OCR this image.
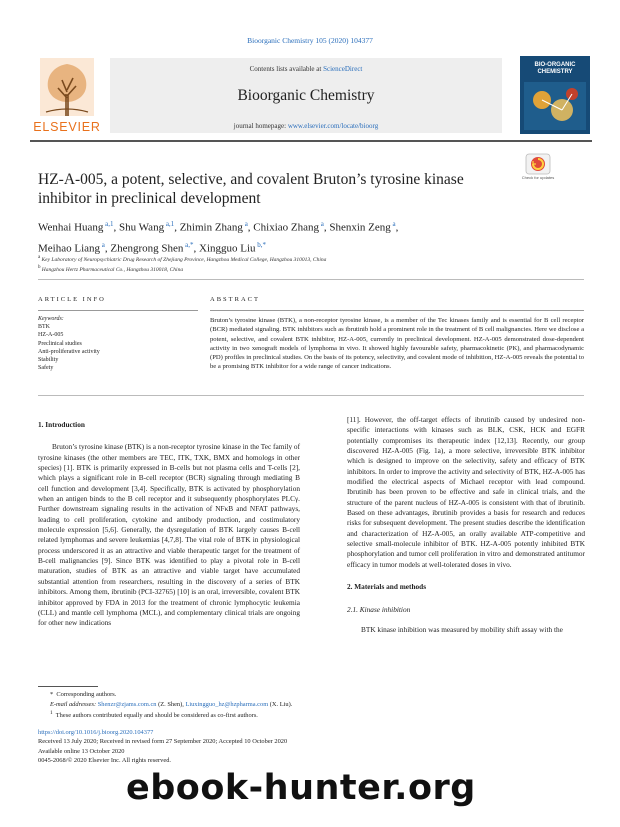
Bioorganic Chemistry 105 (2020) 104377
ELSEVIER
Contents lists available at ScienceDirect
Bioorganic Chemistry
journal homepage: www.elsevier.com/locate/bioorg
BIO-ORGANIC CHEMISTRY
HZ-A-005, a potent, selective, and covalent Bruton’s tyrosine kinase inhibitor in preclinical development
Check for updates
Wenhai Huang $^{a,1}$, Shu Wang $^{a,1}$, Zhimin Zhang $^a$, Chixiao Zhang $^a$, Shenxin Zeng $^a$,
Meihao Liang $^a$, Zhengrong Shen $^{a,*}$, Xingguo Liu $^{b,*}$
$^a$ Key Laboratory of Neuropsychiatric Drug Research of Zhejiang Province, Hangzhou Medical College, Hangzhou 310013, China
$^b$ Hangzhou Hertz Pharmaceutical Co., Hangzhou 310018, China
ARTICLE INFO	ABSTRACT
Keywords:
BTK
HZ-A-005
Preclinical studies
Anti-proliferative activity
Stability
Safety
Bruton’s tyrosine kinase (BTK), a non-receptor tyrosine kinase, is a member of the Tec kinases family and is essential for B cell receptor (BCR) mediated signaling. BTK inhibitors such as ibrutinib hold a prominent role in the treatment of B cell malignancies. Here we disclose a potent, selective, and covalent BTK inhibitor, HZ-A-005, currently in preclinical development. HZ-A-005 demonstrated dose-dependent activity in two xenograft models of lymphoma in vivo. It showed highly favourable safety, pharmacokinetic (PK), and pharmacodynamic (PD) profiles in preclinical studies. On the basis of its potency, selectivity, and covalent mode of inhibition, HZ-A-005 reveals the potential to be a promising BTK inhibitor for a wide range of cancer indications.
1. Introduction

Bruton’s tyrosine kinase (BTK) is a non-receptor tyrosine kinase in the Tec family of tyrosine kinases (the other members are TEC, ITK, TXK, BMX and homologs in other species) [1]. BTK is primarily expressed in B-cells but not plasma cells and T-cells [2], which plays a significant role in B-cell receptor (BCR) signaling through mediating B cell function and development [3,4]. Specifically, BTK is activated by phosphorylation when an antigen binds to the B cell receptor and it subsequently phosphorylates PLCγ. Further downstream signaling results in the activation of NFκB and NFAT pathways, leading to cell proliferation, cytokine and antibody production, and costimulatory molecule expression [5,6]. Generally, the dysregulation of BTK largely causes B-cell related lymphomas and severe leukemias [4,7,8]. The vital role of BTK in physiological process underscored it as an attractive and viable therapeutic target for the treatment of B-cell malignancies [9]. Since BTK was identified to play a pivotal role in B-cell maturation, studies of BTK as an attractive and viable target have accumulated substantial attention from researchers, resulting in the discovery of a series of BTK inhibitors. Among them, ibrutinib (PCI-32765) [10] is an oral, irreversible, covalent BTK inhibitor approved by FDA in 2013 for the treatment of chronic lymphocytic leukemia (CLL) and mantle cell lymphoma (MCL), and complementary clinical trials are ongoing for other new indications

[11]. However, the off-target effects of ibrutinib caused by undesired non-specific interactions with kinases such as BLK, CSK, HCK and EGFR potentially compromises its therapeutic index [12,13]. Recently, our group discovered HZ-A-005 (Fig. 1a), a more selective, irreversible BTK inhibitor which is designed to improve on the selectivity, safety and efficacy of BTK inhibitors. In order to improve the activity and selectivity of BTK, HZ-A-005 has modified the electrical aspects of Michael receptor with lead compound. Ibrutinib has been proven to be effective and safe in clinical trials, and the structure of the parent nucleus of HZ-A-005 is consistent with that of ibrutinib. Based on these advantages, ibrutinib provides a basis for research and reduces risks for subsequent development. The present studies describe the identification and characterization of HZ-A-005, an orally available ATP-competitive and selective small-molecule inhibitor of BTK. HZ-A-005 potently inhibited BTK phosphorylation and tumor cell proliferation in vitro and demonstrated antitumor efficacy in tumor models at well-tolerated doses in vivo.

2. Materials and methods
2.1. Kinase inhibition

BTK kinase inhibition was measured by mobility shift assay with the

*  Corresponding authors.
E-mail addresses: Shenzr@zjams.com.cn (Z. Shen), Liuxingguo_hz@hzpharma.com (X. Liu).
$^1$ These authors contributed equally and should be considered as co-first authors.
https://doi.org/10.1016/j.bioorg.2020.104377
Received 13 July 2020; Received in revised form 27 September 2020; Accepted 10 October 2020
Available online 13 October 2020
0045-2068/© 2020 Elsevier Inc. All rights reserved.
ebook-hunter.org
